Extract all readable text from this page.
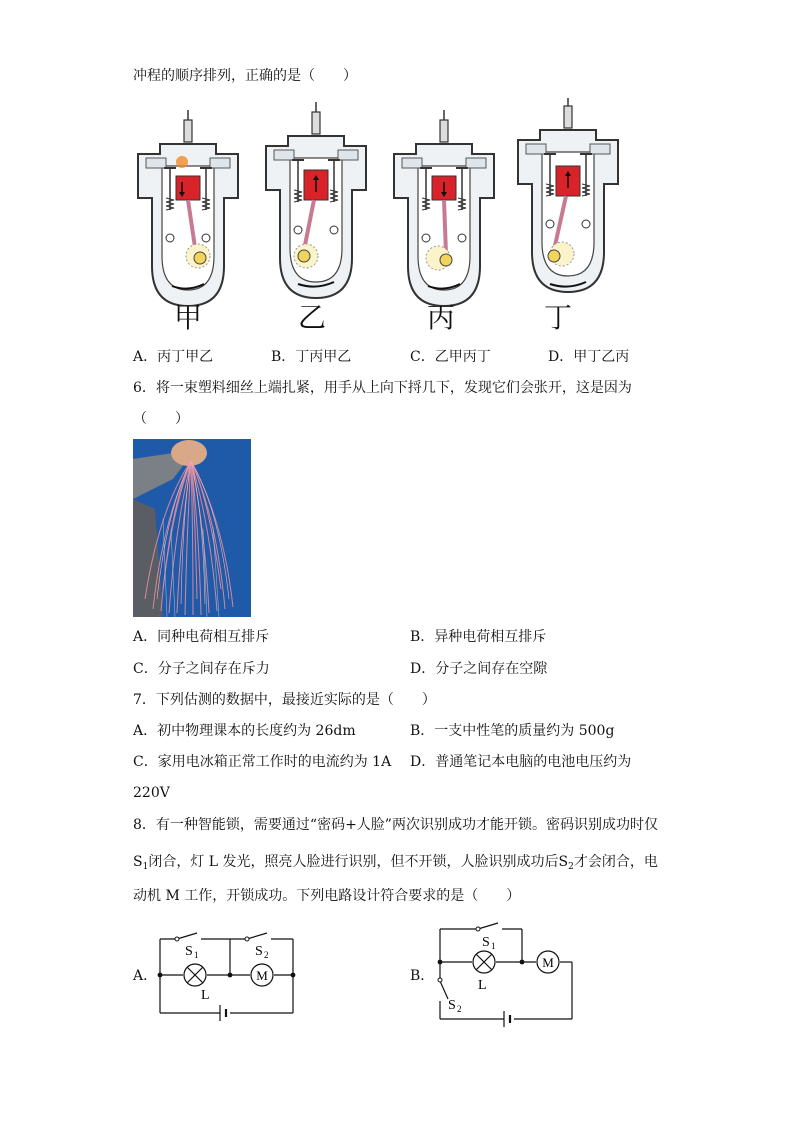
冲程的顺序排列，正确的是（　　）
甲	乙	丙	丁
A．丙丁甲乙	B．丁丙甲乙	C．乙甲丙丁	D．甲丁乙丙
6．将一束塑料细丝上端扎紧，用手从上向下捋几下，发现它们会张开，这是因为
（　　）
A．同种电荷相互排斥	B．异种电荷相互排斥
C．分子之间存在斥力	D．分子之间存在空隙
7．下列估测的数据中，最接近实际的是（　　）
A．初中物理课本的长度约为 26dm	B．一支中性笔的质量约为 500g
C．家用电冰箱正常工作时的电流约为 1A D．普通笔记本电脑的电池电压约为
220V
8．有一种智能锁，需要通过“密码+人脸”两次识别成功才能开锁。密码识别成功时仅
$S_1$闭合，灯 L 发光，照亮人脸进行识别，但不开锁，人脸识别成功后$S_2$才会闭合，电
动机 M 工作，开锁成功。下列电路设计符合要求的是（　　）
A．	M
S 1	S 2
L
B．
M
S 1
L
S 2
